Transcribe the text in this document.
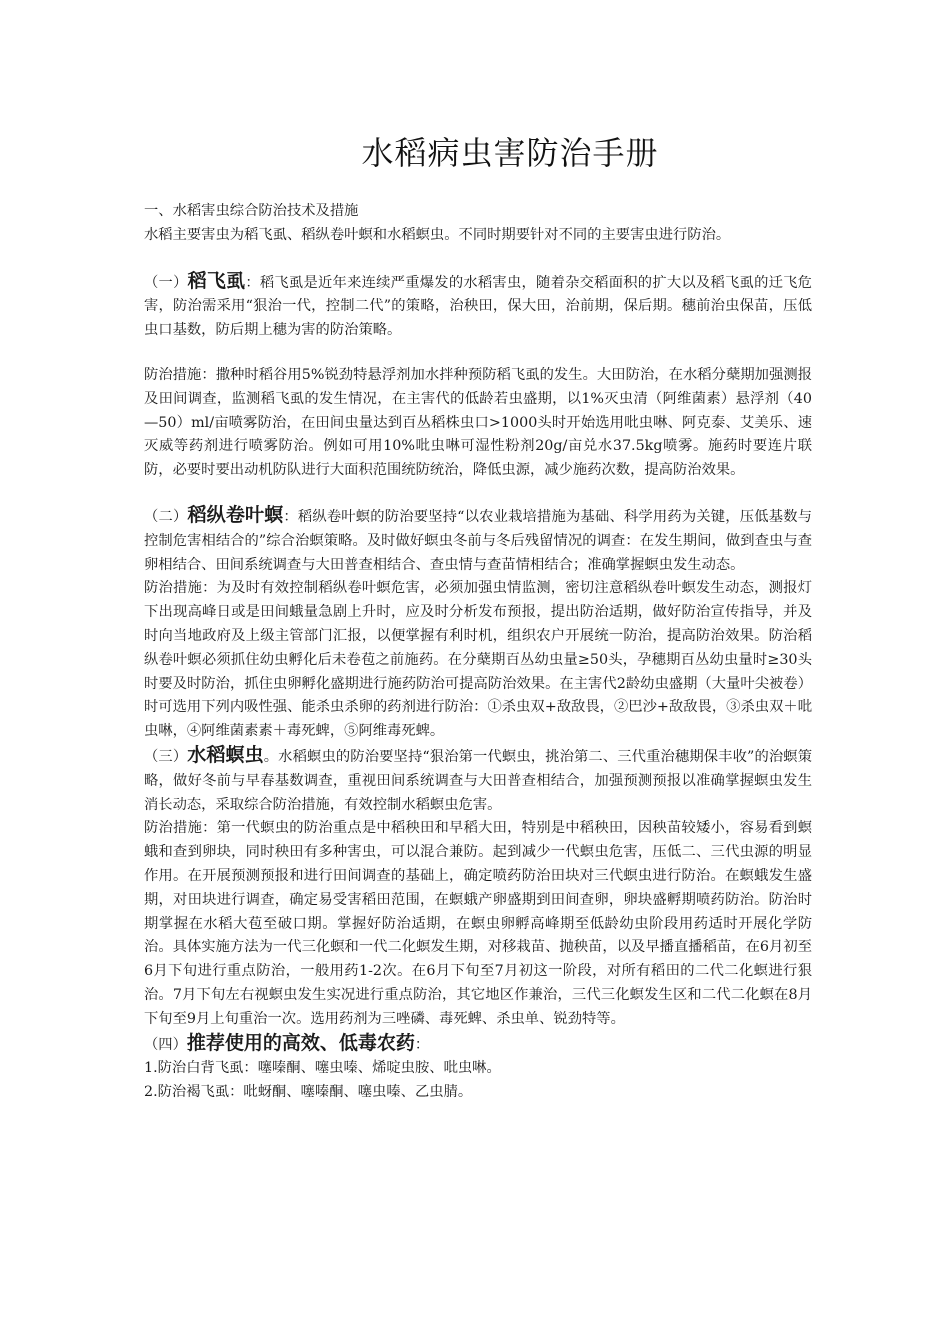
水稻病虫害防治手册

一、水稻害虫综合防治技术及措施

水稻主要害虫为稻飞虱、稻纵卷叶螟和水稻螟虫。不同时期要针对不同的主要害虫进行防治。

（一）稻飞虱：稻飞虱是近年来连续严重爆发的水稻害虫，随着杂交稻面积的扩大以及稻飞虱的迁飞危害，防治需采用“狠治一代，控制二代”的策略，治秧田，保大田，治前期，保后期。穗前治虫保苗，压低虫口基数，防后期上穗为害的防治策略。

防治措施：撒种时稻谷用5%锐劲特悬浮剂加水拌种预防稻飞虱的发生。大田防治，在水稻分蘖期加强测报及田间调查，监测稻飞虱的发生情况，在主害代的低龄若虫盛期，以1%灭虫清（阿维菌素）悬浮剂（40—50）ml/亩喷雾防治，在田间虫量达到百丛稻株虫口>1000头时开始选用吡虫啉、阿克泰、艾美乐、速灭威等药剂进行喷雾防治。例如可用10%吡虫啉可湿性粉剂20g/亩兑水37.5kg喷雾。施药时要连片联防，必要时要出动机防队进行大面积范围统防统治，降低虫源，减少施药次数，提高防治效果。

（二）稻纵卷叶螟：稻纵卷叶螟的防治要坚持“以农业栽培措施为基础、科学用药为关键，压低基数与控制危害相结合的”综合治螟策略。及时做好螟虫冬前与冬后残留情况的调查：在发生期间，做到查虫与查卵相结合、田间系统调查与大田普查相结合、查虫情与查苗情相结合；准确掌握螟虫发生动态。

防治措施：为及时有效控制稻纵卷叶螟危害，必须加强虫情监测，密切注意稻纵卷叶螟发生动态，测报灯下出现高峰日或是田间蛾量急剧上升时，应及时分析发布预报，提出防治适期，做好防治宣传指导，并及时向当地政府及上级主管部门汇报，以便掌握有利时机，组织农户开展统一防治，提高防治效果。防治稻纵卷叶螟必须抓住幼虫孵化后未卷苞之前施药。在分蘖期百丛幼虫量≥50头，孕穗期百丛幼虫量时≥30头时要及时防治，抓住虫卵孵化盛期进行施药防治可提高防治效果。在主害代2龄幼虫盛期（大量叶尖被卷）时可选用下列内吸性强、能杀虫杀卵的药剂进行防治：①杀虫双+敌敌畏，②巴沙+敌敌畏，③杀虫双＋吡虫啉，④阿维菌素素＋毒死蜱，⑤阿维毒死蜱。

（三）水稻螟虫。水稻螟虫的防治要坚持“狠治第一代螟虫，挑治第二、三代重治穗期保丰收”的治螟策略，做好冬前与早春基数调查，重视田间系统调查与大田普查相结合，加强预测预报以准确掌握螟虫发生消长动态，采取综合防治措施，有效控制水稻螟虫危害。

防治措施：第一代螟虫的防治重点是中稻秧田和早稻大田，特别是中稻秧田，因秧苗较矮小，容易看到螟蛾和查到卵块，同时秧田有多种害虫，可以混合兼防。起到减少一代螟虫危害，压低二、三代虫源的明显作用。在开展预测预报和进行田间调查的基础上，确定喷药防治田块对三代螟虫进行防治。在螟蛾发生盛期，对田块进行调查，确定易受害稻田范围，在螟蛾产卵盛期到田间查卵，卵块盛孵期喷药防治。防治时期掌握在水稻大苞至破口期。掌握好防治适期，在螟虫卵孵高峰期至低龄幼虫阶段用药适时开展化学防治。具体实施方法为一代三化螟和一代二化螟发生期，对移栽苗、抛秧苗，以及早播直播稻苗，在6月初至6月下旬进行重点防治，一般用药1-2次。在6月下旬至7月初这一阶段，对所有稻田的二代二化螟进行狠治。7月下旬左右视螟虫发生实况进行重点防治，其它地区作兼治，三代三化螟发生区和二代二化螟在8月下旬至9月上旬重治一次。选用药剂为三唑磷、毒死蜱、杀虫单、锐劲特等。

（四）推荐使用的高效、低毒农药：

1.防治白背飞虱：噻嗪酮、噻虫嗪、烯啶虫胺、吡虫啉。

2.防治褐飞虱：吡蚜酮、噻嗪酮、噻虫嗪、乙虫腈。
